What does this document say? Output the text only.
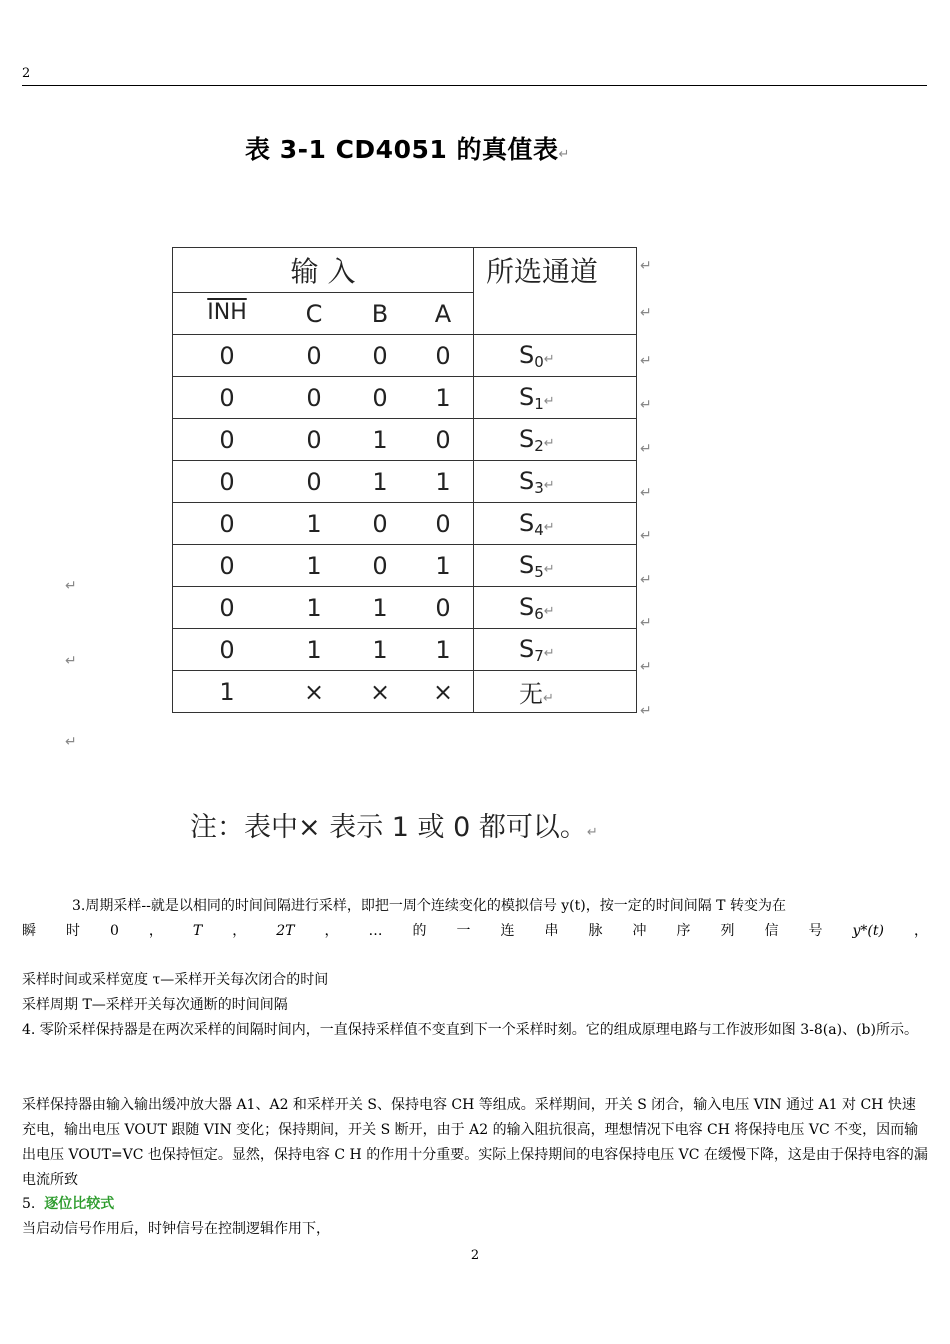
2
表 3-1 CD4051 的真值表↵
输 入	所选通道

$\overline{INH}$ C B A	

0 0 0 0	$S_0↵$

0 0 0 1	$S_1↵$

0 0 1 0	$S_2↵$

0 0 1 1	$S_3↵$

0 1 0 0	$S_4↵$

0 1 0 1	$S_5↵$

0 1 1 0	$S_6↵$

0 1 1 1	$S_7↵$

1 × × ×	无↵
↵
↵
↵
↵
↵
↵
↵
↵
↵
↵
↵
↵
↵
↵
注：表中× 表示 1 或 0 都可以。↵
3.周期采样--就是以相同的时间间隔进行采样，即把一周个连续变化的模拟信号 y(t)，按一定的时间间隔 T 转变为在
瞬 时 0 ， T ， 2T ， … 的 一 连 串 脉 冲 序 列 信 号 y*(t) ，
采样时间或采样宽度 τ—采样开关每次闭合的时间
采样周期 T—采样开关每次通断的时间间隔
4. 零阶采样保持器是在两次采样的间隔时间内，一直保持采样值不变直到下一个采样时刻。它的组成原理电路与工作波形如图 3-8(a)、(b)所示。
采样保持器由输入输出缓冲放大器 A1、A2 和采样开关 S、保持电容 CH 等组成。采样期间，开关 S 闭合，输入电压 VIN 通过 A1 对 CH 快速充电，输出电压 VOUT 跟随 VIN 变化；保持期间，开关 S 断开，由于 A2 的输入阻抗很高，理想情况下电容 CH 将保持电压 VC 不变，因而输出电压 VOUT=VC 也保持恒定。显然，保持电容 C H 的作用十分重要。实际上保持期间的电容保持电压 VC 在缓慢下降，这是由于保持电容的漏电流所致
5. 逐位比较式
当启动信号作用后，时钟信号在控制逻辑作用下，
2
